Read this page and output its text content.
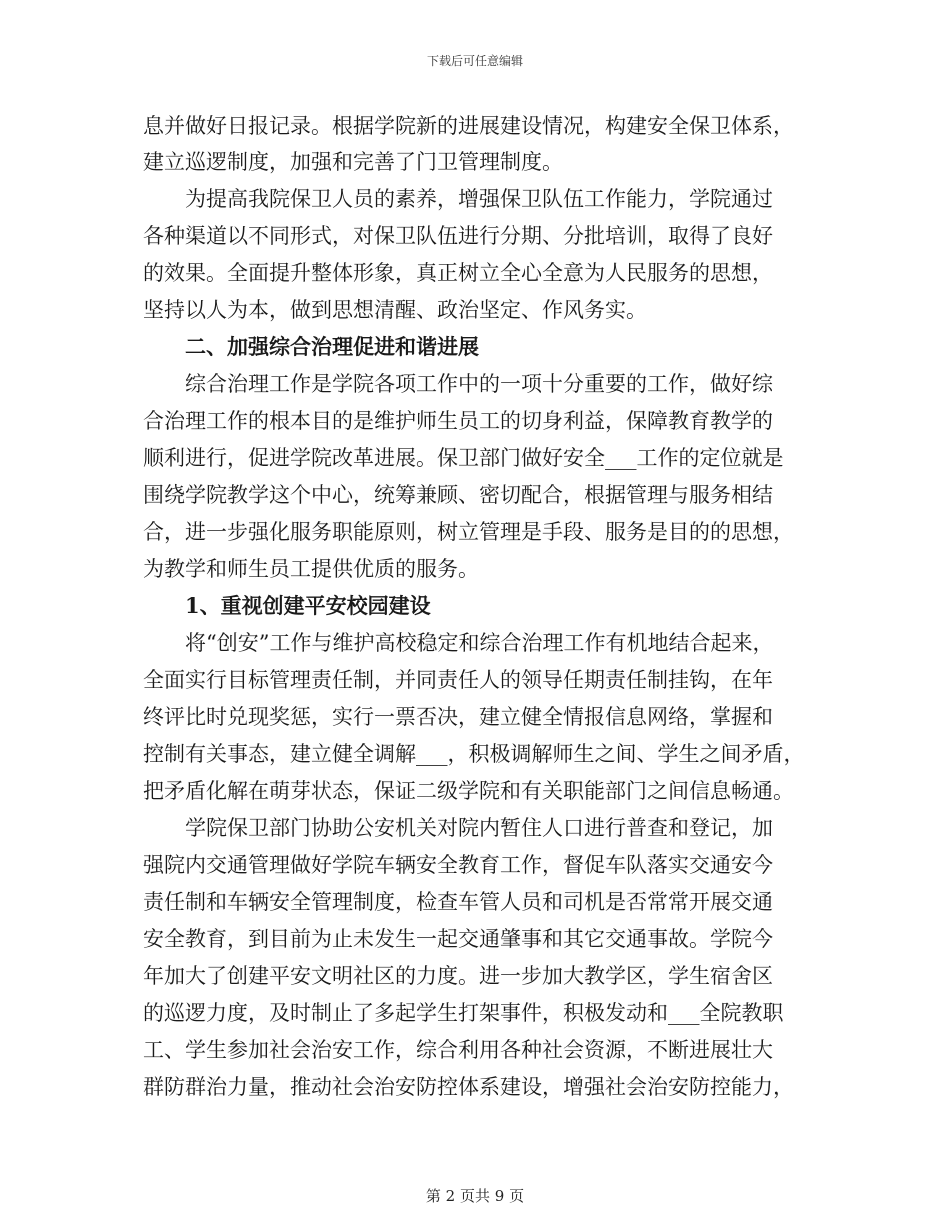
下载后可任意编辑
息并做好日报记录。根据学院新的进展建设情况，构建安全保卫体系，
建立巡逻制度，加强和完善了门卫管理制度。
为提高我院保卫人员的素养，增强保卫队伍工作能力，学院通过
各种渠道以不同形式，对保卫队伍进行分期、分批培训，取得了良好
的效果。全面提升整体形象，真正树立全心全意为人民服务的思想，
坚持以人为本，做到思想清醒、政治坚定、作风务实。
二、加强综合治理促进和谐进展
综合治理工作是学院各项工作中的一项十分重要的工作，做好综
合治理工作的根本目的是维护师生员工的切身利益，保障教育教学的
顺利进行，促进学院改革进展。保卫部门做好安全___工作的定位就是
围绕学院教学这个中心，统筹兼顾、密切配合，根据管理与服务相结
合，进一步强化服务职能原则，树立管理是手段、服务是目的的思想，
为教学和师生员工提供优质的服务。
1、重视创建平安校园建设
将“创安”工作与维护高校稳定和综合治理工作有机地结合起来，
全面实行目标管理责任制，并同责任人的领导任期责任制挂钩，在年
终评比时兑现奖惩，实行一票否决，建立健全情报信息网络，掌握和
控制有关事态，建立健全调解___，积极调解师生之间、学生之间矛盾，
把矛盾化解在萌芽状态，保证二级学院和有关职能部门之间信息畅通。
学院保卫部门协助公安机关对院内暂住人口进行普查和登记，加
强院内交通管理做好学院车辆安全教育工作，督促车队落实交通安今
责任制和车辆安全管理制度，检查车管人员和司机是否常常开展交通
安全教育，到目前为止未发生一起交通肇事和其它交通事故。学院今
年加大了创建平安文明社区的力度。进一步加大教学区，学生宿舍区
的巡逻力度，及时制止了多起学生打架事件，积极发动和___全院教职
工、学生参加社会治安工作，综合利用各种社会资源，不断进展壮大
群防群治力量，推动社会治安防控体系建设，增强社会治安防控能力，
第 2 页共 9 页
